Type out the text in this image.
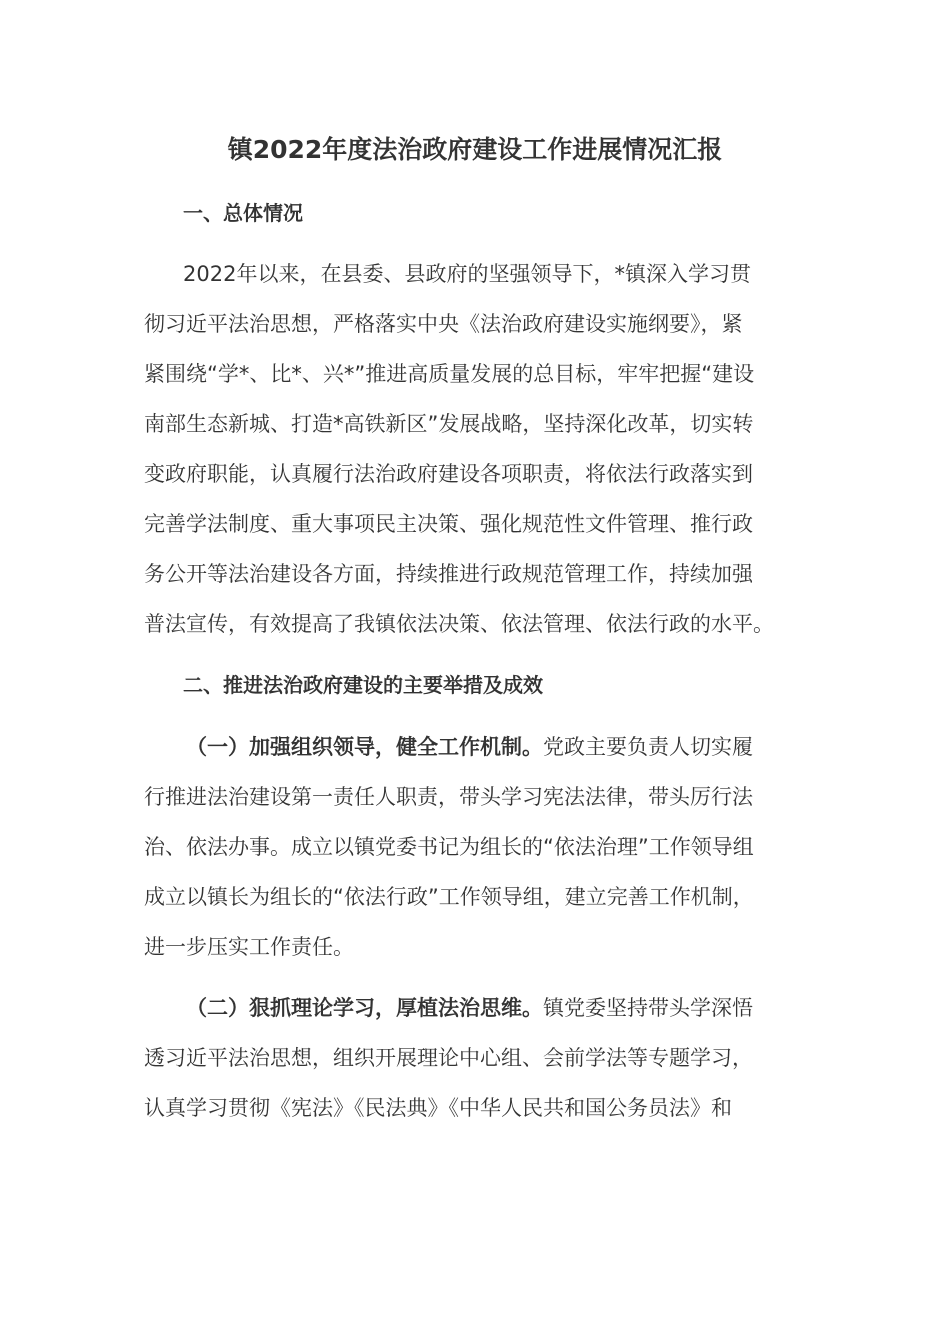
镇2022年度法治政府建设工作进展情况汇报
一、总体情况
2022年以来，在县委、县政府的坚强领导下，*镇深入学习贯
彻习近平法治思想，严格落实中央《法治政府建设实施纲要》，紧
紧围绕“学*、比*、兴*”推进高质量发展的总目标，牢牢把握“建设
南部生态新城、打造*高铁新区”发展战略，坚持深化改革，切实转
变政府职能，认真履行法治政府建设各项职责，将依法行政落实到
完善学法制度、重大事项民主决策、强化规范性文件管理、推行政
务公开等法治建设各方面，持续推进行政规范管理工作，持续加强
普法宣传，有效提高了我镇依法决策、依法管理、依法行政的水平。
二、推进法治政府建设的主要举措及成效
（一）加强组织领导，健全工作机制。党政主要负责人切实履
行推进法治建设第一责任人职责，带头学习宪法法律，带头厉行法
治、依法办事。成立以镇党委书记为组长的“依法治理”工作领导组
成立以镇长为组长的“依法行政”工作领导组，建立完善工作机制，
进一步压实工作责任。
（二）狠抓理论学习，厚植法治思维。镇党委坚持带头学深悟
透习近平法治思想，组织开展理论中心组、会前学法等专题学习，
认真学习贯彻《宪法》《民法典》《中华人民共和国公务员法》和
